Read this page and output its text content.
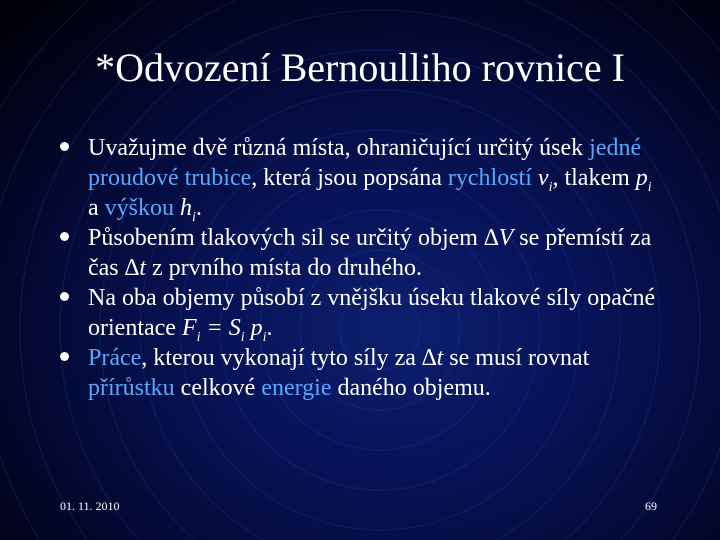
*Odvození Bernoulliho rovnice I
Uvažujme dvě různá místa, ohraničující určitý úsek jedné proudové trubice, která jsou popsána rychlostí $v_i$, tlakem $p_i$ a výškou $h_i$.
Působením tlakových sil se určitý objem ∆V se přemístí za čas ∆t z prvního místa do druhého.
Na oba objemy působí z vnějšku úseku tlakové síly opačné orientace $F_i = S_i$ $p_i$.
Práce, kterou vykonají tyto síly za ∆t se musí rovnat přírůstku celkové energie daného objemu.
01. 11. 2010	69
